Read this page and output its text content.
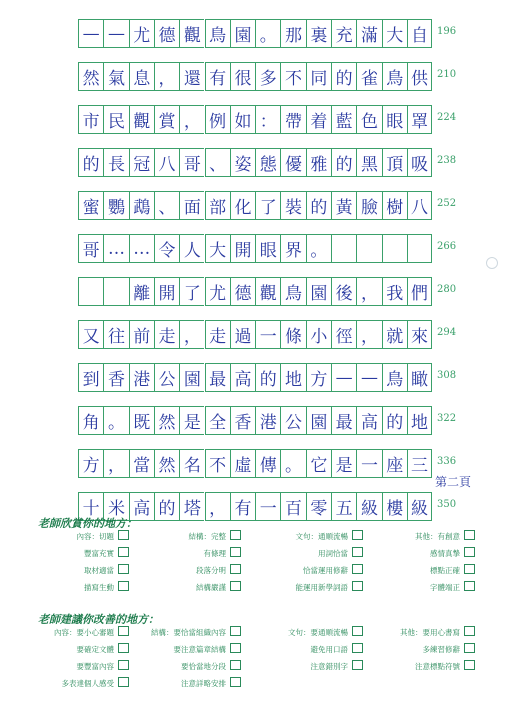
— — 尤 德 觀 鳥 園 。 那 裏 充 滿 大 自 196
然 氣 息 ， 還 有 很 多 不 同 的 雀 鳥 供 210
市 民 觀 賞 ， 例 如 ： 帶 着 藍 色 眼 罩 224
的 長 冠 八 哥 、 姿 態 優 雅 的 黑 頂 吸 238
蜜 鸚 鵡 、 面 部 化 了 裝 的 黃 臉 樹 八 252
哥 … … 令 人 大 開 眼 界 。	266
離 開 了 尤 德 觀 鳥 園 後 ， 我 們 280
又 往 前 走 ， 走 過 一 條 小 徑 ， 就 來 294
到 香 港 公 園 最 高 的 地 方 — — 鳥 瞰 308
角 。 既 然 是 全 香 港 公 園 最 高 的 地 322
方 ， 當 然 名 不 虛 傳 。 它 是 一 座 三 336
十 米 高 的 塔 ， 有 一 百 零 五 級 樓 級 350
第二頁
老師欣賞你的地方：
內容：切題	結構：完整	文句：通順流暢	其他：有創意
豐富充實	有條理	用詞恰當	感情真摯
取材適當	段落分明	恰當運用修辭	標點正確
描寫生動	結構嚴謹	能運用新學詞語	字體端正
老師建議你改善的地方：
內容：要小心審題	結構：要恰當組織內容	文句：要通順流暢	其他：要用心書寫
要確定文體	要注意篇章結構	避免用口語	多練習修辭
要豐富內容	要恰當地分段	注意錯別字	注意標點符號
多表達個人感受	注意詳略安排
